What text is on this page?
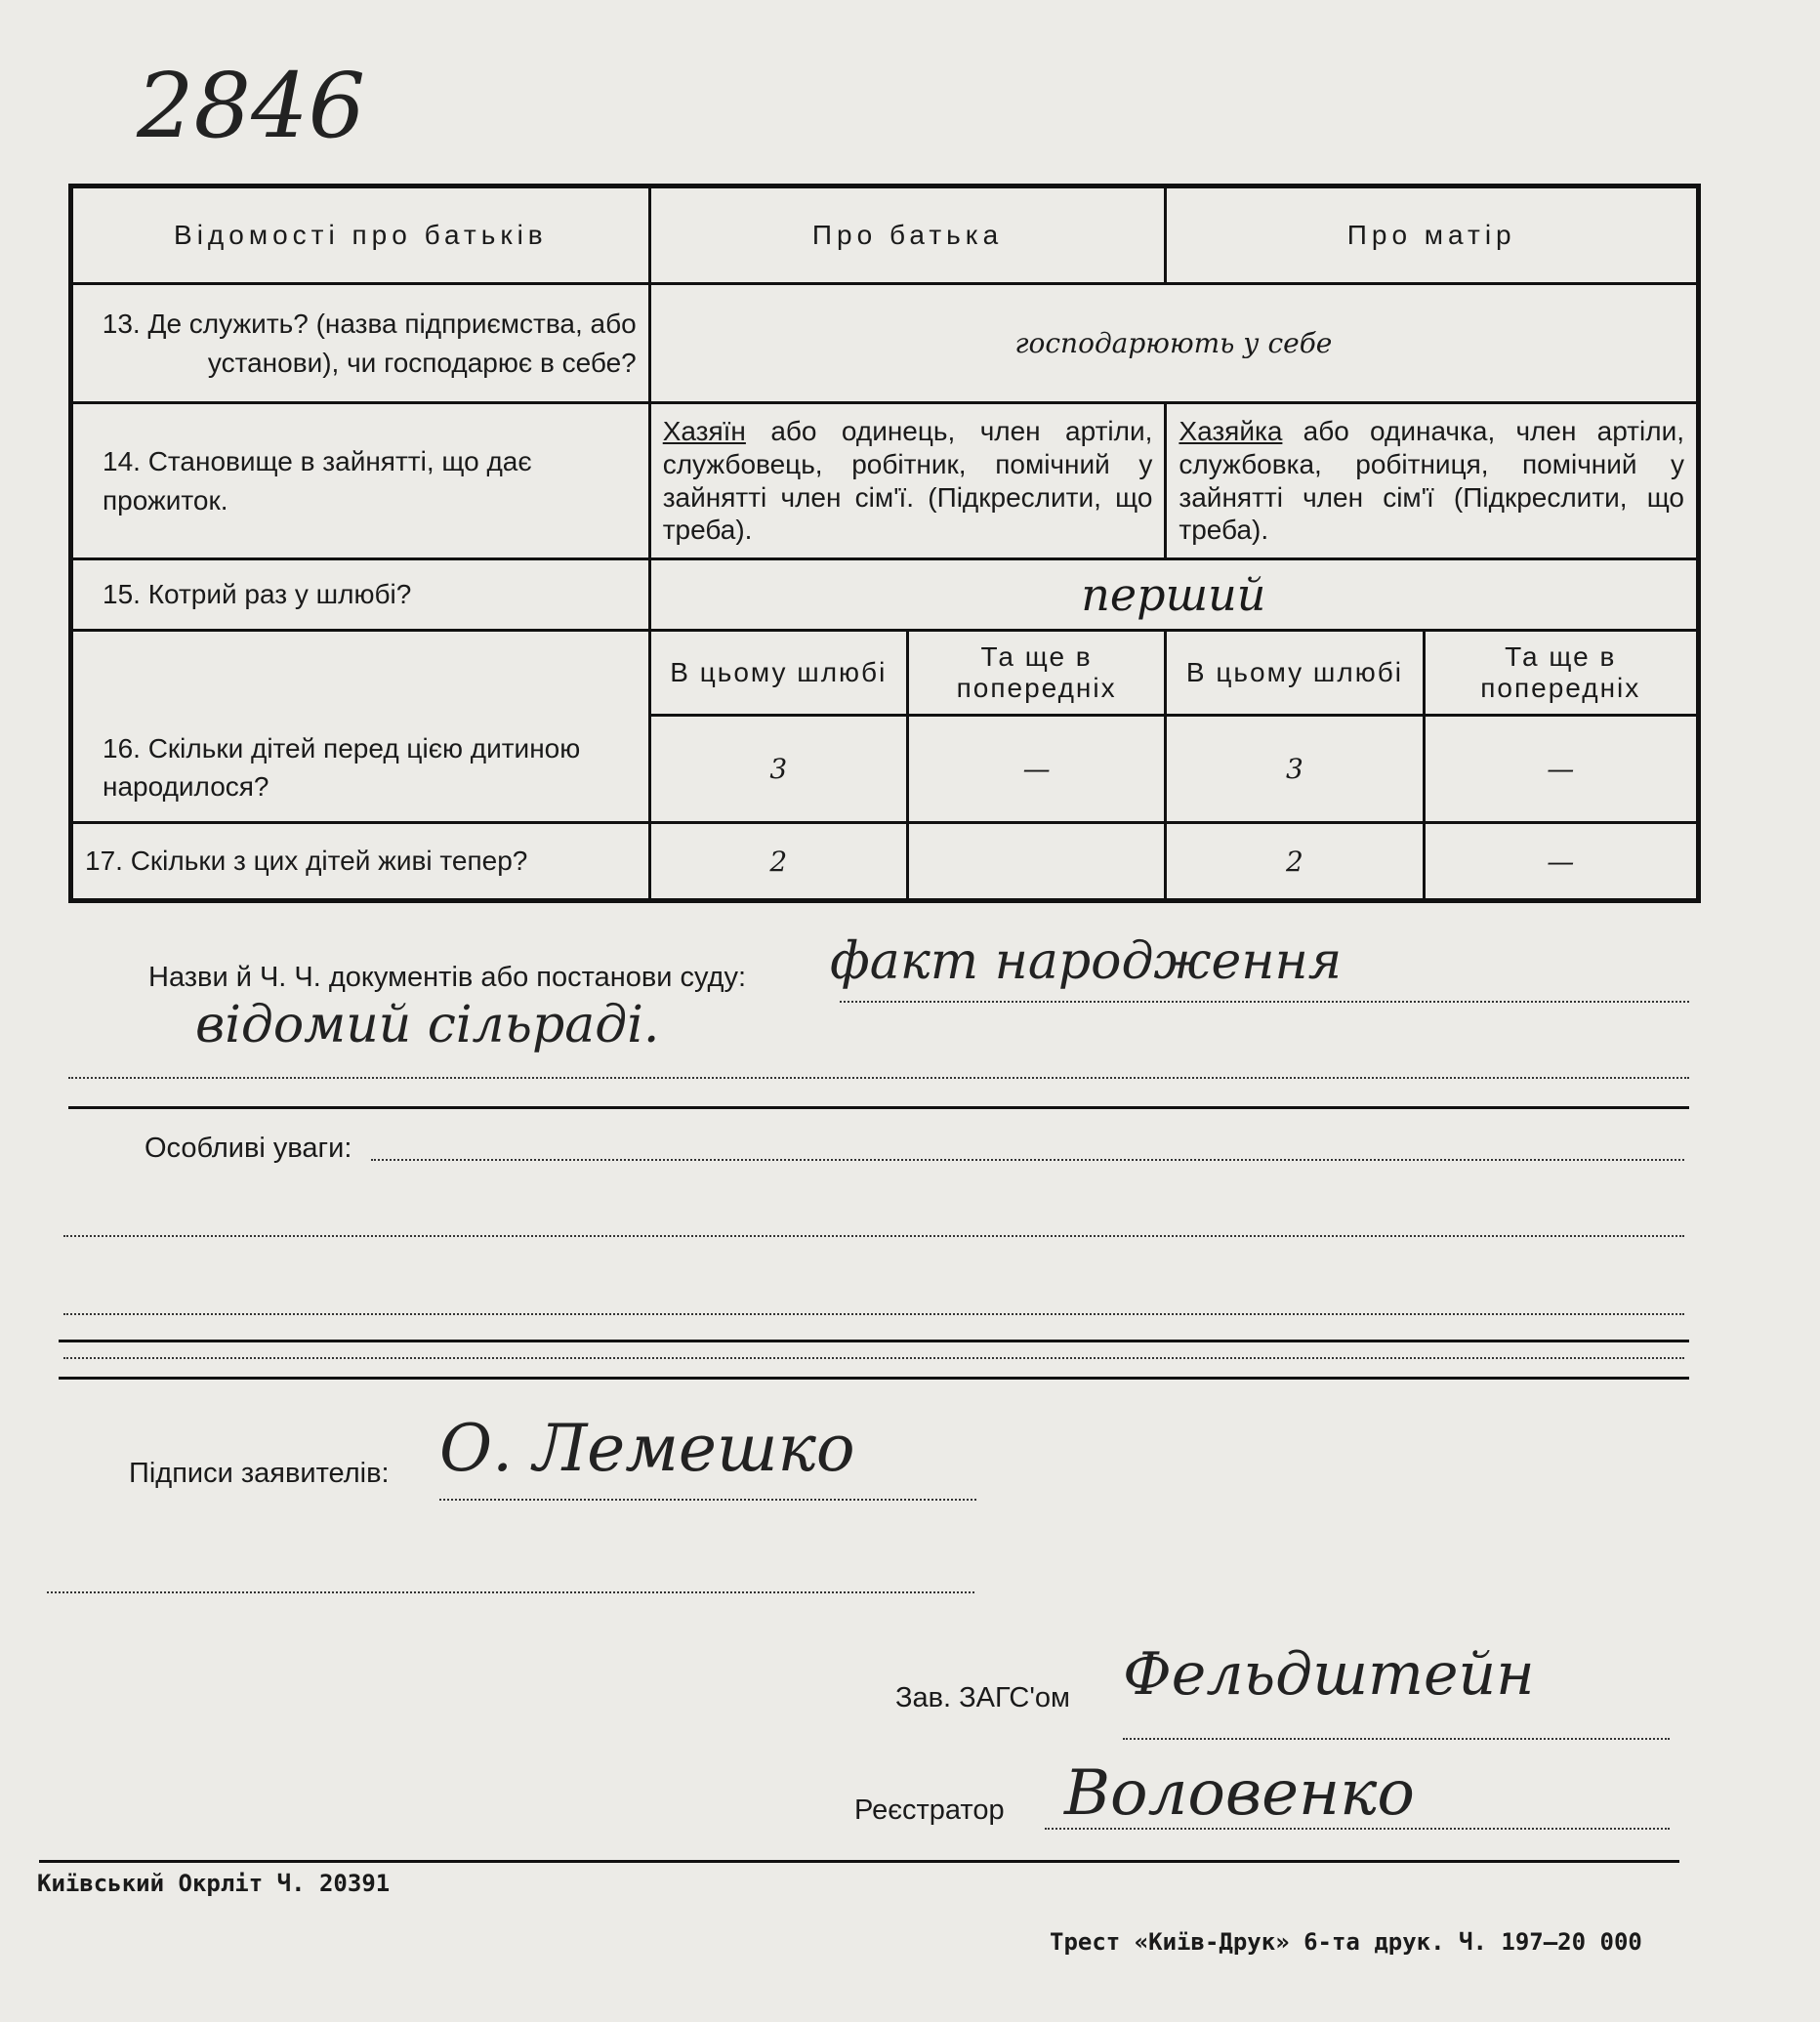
2846
Відомості про батьків	Про батька		Про матір	
13. Де служить? (назва підприємства, або установи), чи господарює в себе?	господарюють у себе			
14. Становище в зайнятті, що дає прожиток.	Хазяїн або одинець, член артіли, службовець, робітник, помічний у зайнятті член сім'ї. (Підкреслити, що треба).		Хазяйка або одиначка, член артіли, службовка, робітниця, помічний у зайнятті член сім'ї (Підкреслити, що треба).	
15. Котрий раз у шлюбі?	перший			
16. Скільки дітей перед цією дитиною народилося?	В цьому шлюбі	Та ще в попередніх	В цьому шлюбі	Та ще в попередніх
	3	—	3	—
17. Скільки з цих дітей живі тепер?	2		2	—
Назви й Ч. Ч. документів або постанови суду: факт народження
відомий сільраді.
Особливі уваги:
Підписи заявителів: О. Лемешко
Зав. ЗАГС'ом Фельдштейн
Реєстратор Воловенко
Київський Окрліт Ч. 20391
Трест «Київ-Друк» 6-та друк. Ч. 197—20 000
